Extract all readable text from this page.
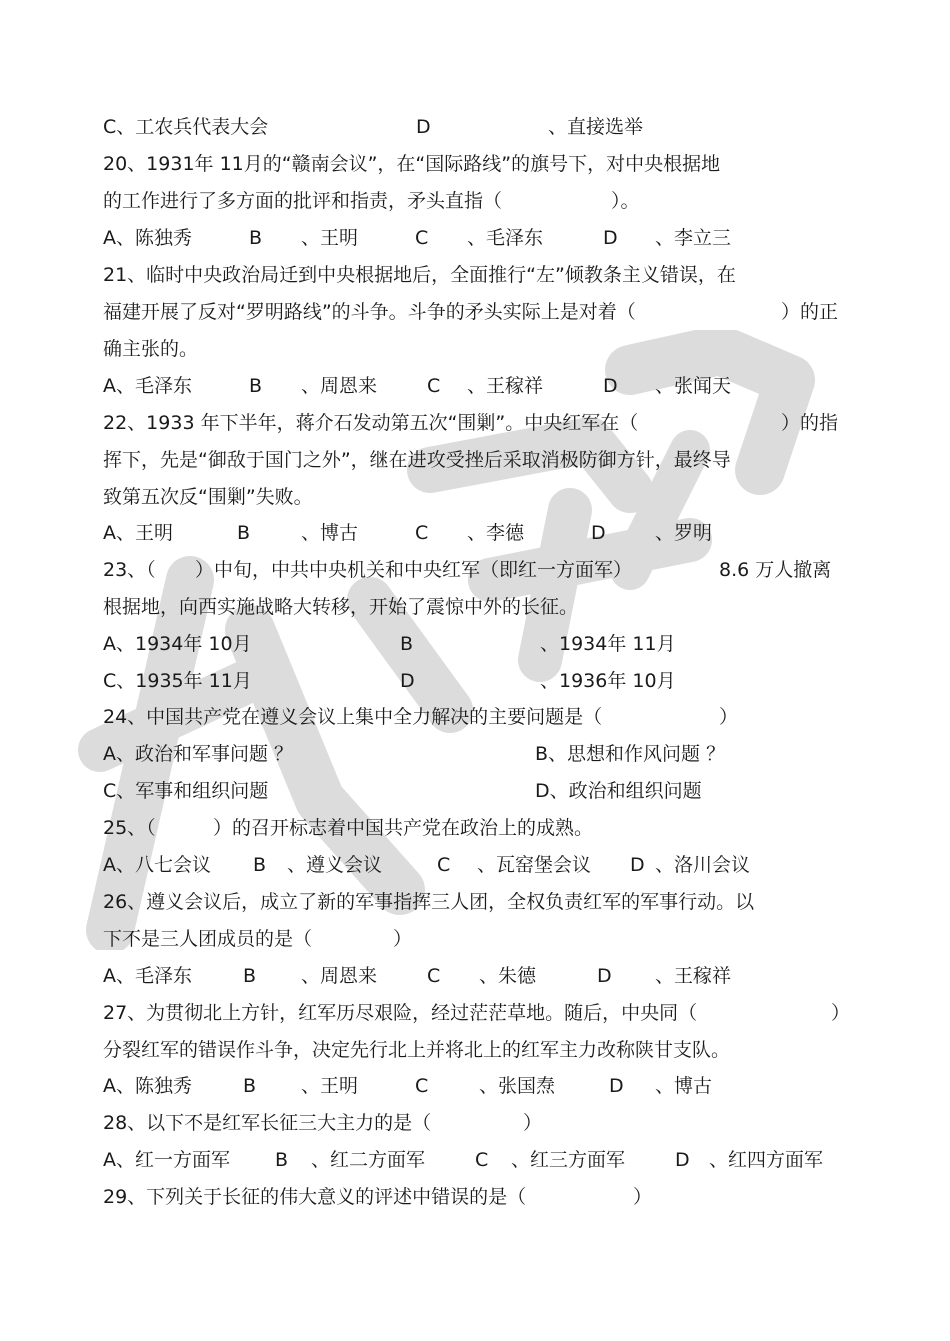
C、工农兵代表大会	D	、直接选举
20、1931年 11月的“赣南会议”，在“国际路线”的旗号下，对中央根据地
的工作进行了多方面的批评和指责，矛头直指（	）。
A、陈独秀	B 、王明	C 、毛泽东	D 、李立三
21、临时中央政治局迁到中央根据地后，全面推行“左”倾教条主义错误，在
福建开展了反对“罗明路线”的斗争。斗争的矛头实际上是对着（	）的正
确主张的。
A、毛泽东	B 、周恩来	C 、王稼祥	D 、张闻天
22、1933 年下半年，蒋介石发动第五次“围剿”。中央红军在（	）的指
挥下，先是“御敌于国门之外”，继在进攻受挫后采取消极防御方针，最终导
致第五次反“围剿”失败。
A、王明	B	、博古	C 、李德	D	、罗明
23、（ ）中旬，中共中央机关和中央红军（即红一方面军）	8.6 万人撤离
根据地，向西实施战略大转移，开始了震惊中外的长征。
A、1934年 10月	B	、1934年 11月
C、1935年 11月	D	、1936年 10月
24、中国共产党在遵义会议上集中全力解决的主要问题是（	）
A、政治和军事问题 ？	B、思想和作风问题 ？
C、军事和组织问题	D、政治和组织问题
25、（	）的召开标志着中国共产党在政治上的成熟。
A、八七会议 B 、遵义会议	C 、瓦窑堡会议 D 、洛川会议
26、遵义会议后，成立了新的军事指挥三人团，全权负责红军的军事行动。以
下不是三人团成员的是（	）
A、毛泽东	B 、周恩来	C 、朱德	D 、王稼祥
27、为贯彻北上方针，红军历尽艰险，经过茫茫草地。随后，中央同（	）
分裂红军的错误作斗争，决定先行北上并将北上的红军主力改称陕甘支队。
A、陈独秀	B 、王明	C	、张国焘	D 、博古
28、以下不是红军长征三大主力的是（	）
A、红一方面军 B 、红二方面军	C 、红三方面军	D 、红四方面军
29、下列关于长征的伟大意义的评述中错误的是（	）
